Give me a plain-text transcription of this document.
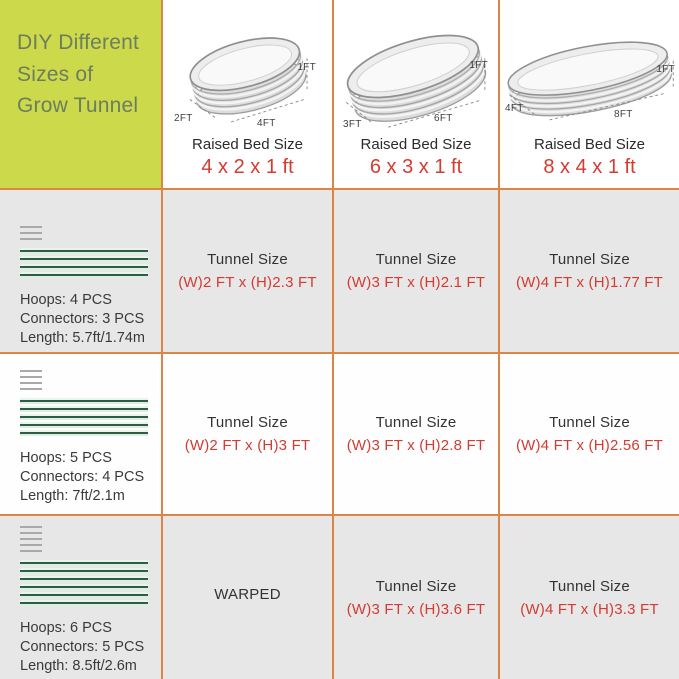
DIY Different Sizes of Grow Tunnel
2FT	4FT
1FT
Raised Bed Size
4 x 2 x 1 ft
3FT
6FT
1FT
Raised Bed Size
6 x 3 x 1 ft
4FT
8FT
1FT
Raised Bed Size
8 x 4 x 1 ft
Hoops: 4 PCS
Connectors: 3 PCS
Length: 5.7ft/1.74m
Tunnel Size
(W)2 FT x (H)2.3 FT
Tunnel Size
(W)3 FT x (H)2.1 FT
Tunnel Size
(W)4 FT x (H)1.77 FT
Hoops: 5 PCS
Connectors: 4 PCS
Length: 7ft/2.1m
Tunnel Size
(W)2 FT x (H)3 FT
Tunnel Size
(W)3 FT x (H)2.8 FT
Tunnel Size
(W)4 FT x (H)2.56 FT
Hoops: 6 PCS
Connectors: 5 PCS
Length: 8.5ft/2.6m
WARPED	Tunnel Size
(W)3 FT x (H)3.6 FT
Tunnel Size
(W)4 FT x (H)3.3 FT
